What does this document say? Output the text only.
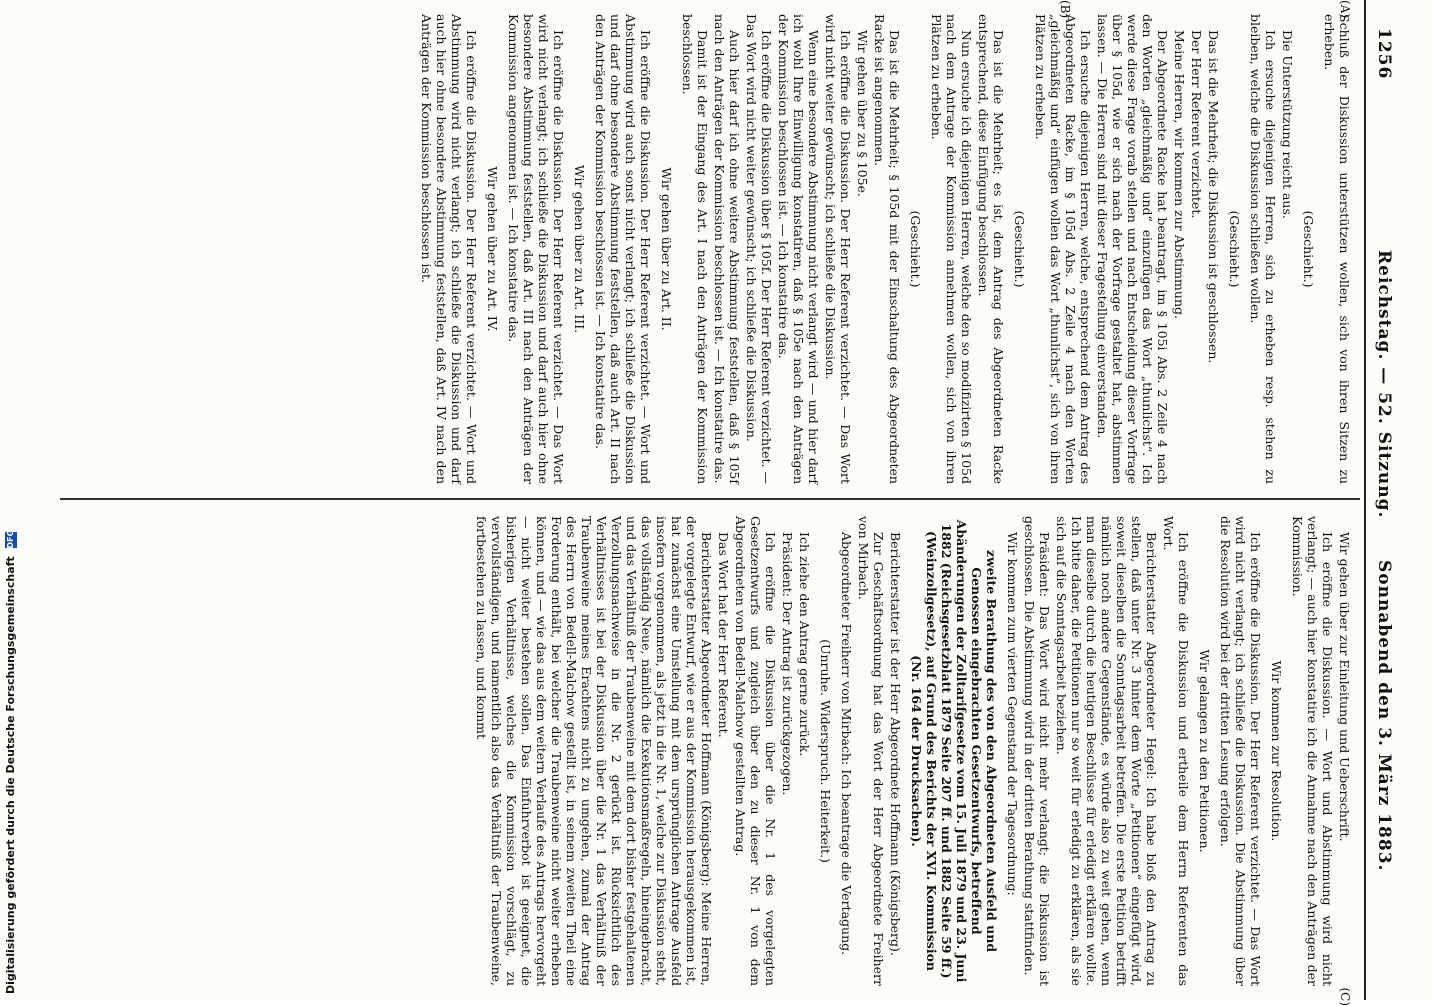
Digitalisierung gefördert durch die Deutsche Forschungsgemeinschaft DFG
1256
Reichstag. — 52. Sitzung.
Sonnabend den 3. März 1883.
(A)
(B)

Schluß der Diskussion unterstützen wollen, sich von ihren Sitzen zu erheben.

(Geschieht.)

Die Unterstützung reicht aus.

Ich ersuche diejenigen Herren, sich zu erheben resp. stehen zu bleiben, welche die Diskussion schließen wollen.

(Geschieht.)

Das ist die Mehrheit; die Diskussion ist geschlossen.

Der Herr Referent verzichtet.

Meine Herren, wir kommen zur Abstimmung.

Der Abgeordnete Racke hat beantragt, im § 105i Abs. 2 Zeile 4 nach den Worten „gleichmäßig und“ einzufügen das Wort „thunlichst“. Ich werde diese Frage vorab stellen und nach Entscheidung dieser Vorfrage über § 105d, wie er sich nach der Vorfrage gestaltet hat, abstimmen lassen. — Die Herren sind mit dieser Fragestellung einverstanden.

Ich ersuche diejenigen Herren, welche, entsprechend dem Antrag des Abgeordneten Racke, im § 105d Abs. 2 Zeile 4 nach den Worten „gleichmäßig und“ einfügen wollen das Wort „thunlichst“, sich von ihren Plätzen zu erheben.

(Geschieht.)

Das ist die Mehrheit; es ist, dem Antrag des Abgeordneten Racke entsprechend, diese Einfügung beschlossen.

Nun ersuche ich diejenigen Herren, welche den so modifizirten § 105d nach dem Antrage der Kommission annehmen wollen, sich von ihren Plätzen zu erheben.

(Geschieht.)

Das ist die Mehrheit; § 105d mit der Einschaltung des Abgeordneten Racke ist angenommen.

Wir gehen über zu § 105e.

Ich eröffne die Diskussion. Der Herr Referent verzichtet. — Das Wort wird nicht weiter gewünscht; ich schließe die Diskussion.

Wenn eine besondere Abstimmung nicht verlangt wird — und hier darf ich wohl Ihre Einwilligung konstatiren, daß § 105e nach den Anträgen der Kommission beschlossen ist. — Ich konstatire das.

Ich eröffne die Diskussion über § 105f. Der Herr Referent verzichtet. — Das Wort wird nicht weiter gewünscht; ich schließe die Diskussion.

Auch hier darf ich ohne weitere Abstimmung feststellen, daß § 105f nach den Anträgen der Kommission beschlossen ist. — Ich konstatire das.

Damit ist der Eingang des Art. I nach den Anträgen der Kommission beschlossen.

Wir gehen über zu Art. II.

Ich eröffne die Diskussion. Der Herr Referent verzichtet. — Wort und Abstimmung wird auch sonst nicht verlangt; ich schließe die Diskussion und darf ohne besondere Abstimmung feststellen, daß auch Art. II nach den Anträgen der Kommission beschlossen ist. — Ich konstatire das.

Wir gehen über zu Art. III.

Ich eröffne die Diskussion. Der Herr Referent verzichtet. — Das Wort wird nicht verlangt; ich schließe die Diskussion und darf auch hier ohne besondere Abstimmung feststellen, daß Art. III nach den Anträgen der Kommission angenommen ist. — Ich konstatire das.

Wir gehen über zu Art. IV.

Ich eröffne die Diskussion. Der Herr Referent verzichtet. — Wort und Abstimmung wird nicht verlangt; ich schließe die Diskussion und darf auch hier ohne besondere Abstimmung feststellen, daß Art. IV nach den Anträgen der Kommission beschlossen ist.

(C)

Wir gehen über zur Einleitung und Ueberschrift.

Ich eröffne die Diskussion. — Wort und Abstimmung wird nicht verlangt; — auch hier konstatire ich die Annahme nach den Anträgen der Kommission.

Wir kommen zur Resolution.

Ich eröffne die Diskussion. Der Herr Referent verzichtet. — Das Wort wird nicht verlangt; ich schließe die Diskussion. Die Abstimmung über die Resolution wird bei der dritten Lesung erfolgen.

Wir gelangen zu den Petitionen.

Ich eröffne die Diskussion und ertheile dem Herrn Referenten das Wort.

Berichterstatter Abgeordneter Hegel: Ich habe bloß den Antrag zu stellen, daß unter Nr. 3 hinter dem Worte „Petitionen“ eingefügt wird, soweit dieselben die Sonntagsarbeit betreffen. Die erste Petition betrifft nämlich noch andere Gegenstände, es würde also zu weit gehen, wenn man dieselbe durch die heutigen Beschlüsse für erledigt erklären wollte. Ich bitte daher, die Petitionen nur so weit für erledigt zu erklären, als sie sich auf die Sonntagsarbeit beziehen.

Präsident: Das Wort wird nicht mehr verlangt; die Diskussion ist geschlossen. Die Abstimmung wird in der dritten Berathung stattfinden.

Wir kommen zum vierten Gegenstand der Tagesordnung:

zweite Berathung des von den Abgeordneten Ausfeld und Genossen eingebrachten Gesetzentwurfs, betreffend Abänderungen der Zolltarifgesetze vom 15. Juli 1879 und 23. Juni 1882 (Reichsgesetzblatt 1879 Seite 207 ff. und 1882 Seite 59 ff.) (Weinzollgesetz), auf Grund des Berichts der XVI. Kommission (Nr. 164 der Drucksachen).

Berichterstatter ist der Herr Abgeordnete Hoffmann (Königsberg).

Zur Geschäftsordnung hat das Wort der Herr Abgeordnete Freiherr von Mirbach.

Abgeordneter Freiherr von Mirbach: Ich beantrage die Vertagung.

(Unruhe. Widerspruch. Heiterkeit.)

Ich ziehe den Antrag gerne zurück.

Präsident: Der Antrag ist zurückgezogen.

Ich eröffne die Diskussion über die Nr. 1 des vorgelegten Gesetzentwurfs und zugleich über den zu dieser Nr. 1 von dem Abgeordneten von Bedell-Malchow gestellten Antrag.

Das Wort hat der Herr Referent.

Berichterstatter Abgeordneter Hoffmann (Königsberg): Meine Herren, der vorgelegte Entwurf, wie er aus der Kommission herausgekommen ist, hat zunächst eine Umstellung mit dem ursprünglichen Antrage Ausfeld insofern vorgenommen, als jetzt in die Nr. 1, welche zur Diskussion steht, das vollständig Neue, nämlich die Exekutionsmaßregeln, hineingebracht, und das Verhältniß der Traubenweine mit dem dort bisher festgehaltenen Verzollungsnachweise in die Nr. 2 gerückt ist. Rücksichtlich des Verhältnisses ist bei der Diskussion über die Nr. 1 das Verhältniß der Traubenweine meines Erachtens nicht zu umgehen, zumal der Antrag des Herrn von Bedell-Malchow gestellt ist, in seinem zweiten Theil eine Forderung enthält, bei welcher die Traubenweine nicht weiter erheben können, und — wie das aus dem weitern Verlaufe des Antrags hervorgeht — nicht weiter bestehen sollen. Das Einfuhrverbot ist geeignet, die bisherigen Verhältnisse, welches die Kommission vorschlägt, zu vervollständigen, und namentlich also das Verhältniß der Traubenweine, fortbestehen zu lassen, und kommt
